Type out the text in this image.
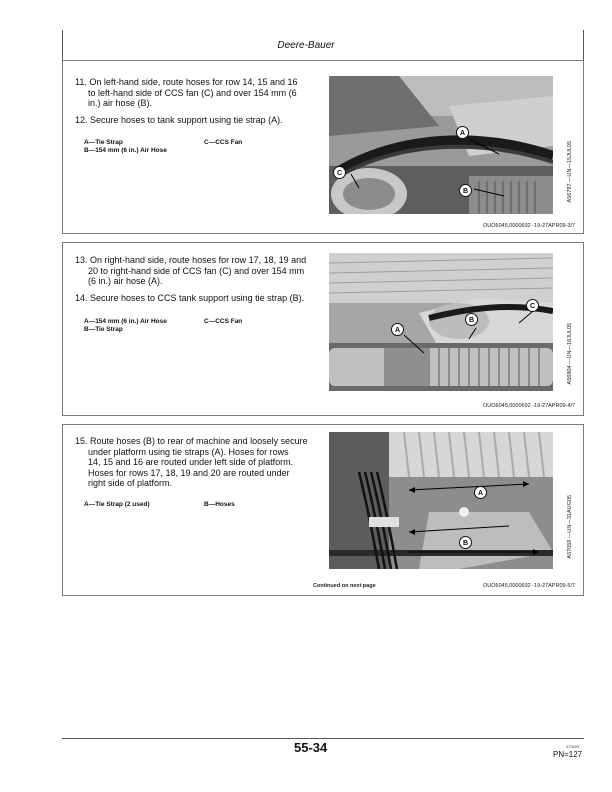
Deere-Bauer
11. On left-hand side, route hoses for row 14, 15 and 16
to left-hand side of CCS fan (C) and over 154 mm (6
in.) air hose (B).
12. Secure hoses to tank support using tie strap (A).
A—Tie Strap
B—154 mm (6 in.) Air Hose
C—CCS Fan
A
B
C	A56797 —UN—15JUL05
OUO6045,0000692 -19-27APR09-3/7
13. On right-hand side, route hoses for row 17, 18, 19 and
20 to right-hand side of CCS fan (C) and over 154 mm
(6 in.) air hose (A).
14. Secure hoses to CCS tank support using tie strap (B).
A—154 mm (6 in.) Air Hose
B—Tie Strap
C—CCS Fan
A
B
C
A56804 —UN—18JUL05
OUO6045,0000692 -19-27APR09-4/7
15. Route hoses (B) to rear of machine and loosely secure
under platform using tie straps (A). Hoses for rows
14, 15 and 16 are routed under left side of platform.
Hoses for rows 17, 18, 19 and 20 are routed under
right side of platform.
A—Tie Strap (2 used)	B—Hoses
A
B	A57059 —UN—31AUG05
Continued on next page	OUO6045,0000692 -19-27APR09-5/7
55-34	073009
PN=127
